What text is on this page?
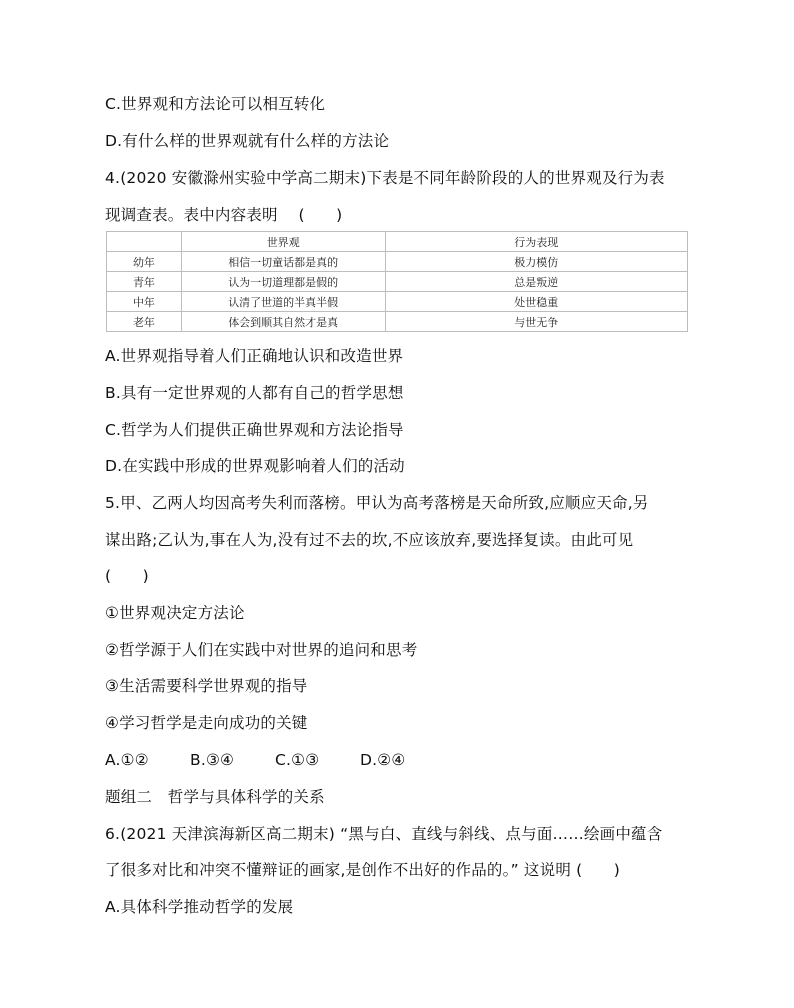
C.世界观和方法论可以相互转化
D.有什么样的世界观就有什么样的方法论
4.(2020 安徽滁州实验中学高二期末)下表是不同年龄阶段的人的世界观及行为表
现调查表。表中内容表明　 (　　)
	世界观	行为表现
幼年	相信一切童话都是真的	极力模仿
青年	认为一切道理都是假的	总是叛逆
中年	认清了世道的半真半假	处世稳重
老年	体会到顺其自然才是真	与世无争
A.世界观指导着人们正确地认识和改造世界
B.具有一定世界观的人都有自己的哲学思想
C.哲学为人们提供正确世界观和方法论指导
D.在实践中形成的世界观影响着人们的活动
5.甲、乙两人均因高考失利而落榜。甲认为高考落榜是天命所致,应顺应天命,另
谋出路;乙认为,事在人为,没有过不去的坎,不应该放弃,要选择复读。由此可见
(　　)
①世界观决定方法论
②哲学源于人们在实践中对世界的追问和思考
③生活需要科学世界观的指导
④学习哲学是走向成功的关键
A.①②	B.③④	C.①③	D.②④
题组二　哲学与具体科学的关系
6.(2021 天津滨海新区高二期末) “黑与白、直线与斜线、点与面……绘画中蕴含
了很多对比和冲突不懂辩证的画家,是创作不出好的作品的。” 这说明 (　　)
A.具体科学推动哲学的发展
